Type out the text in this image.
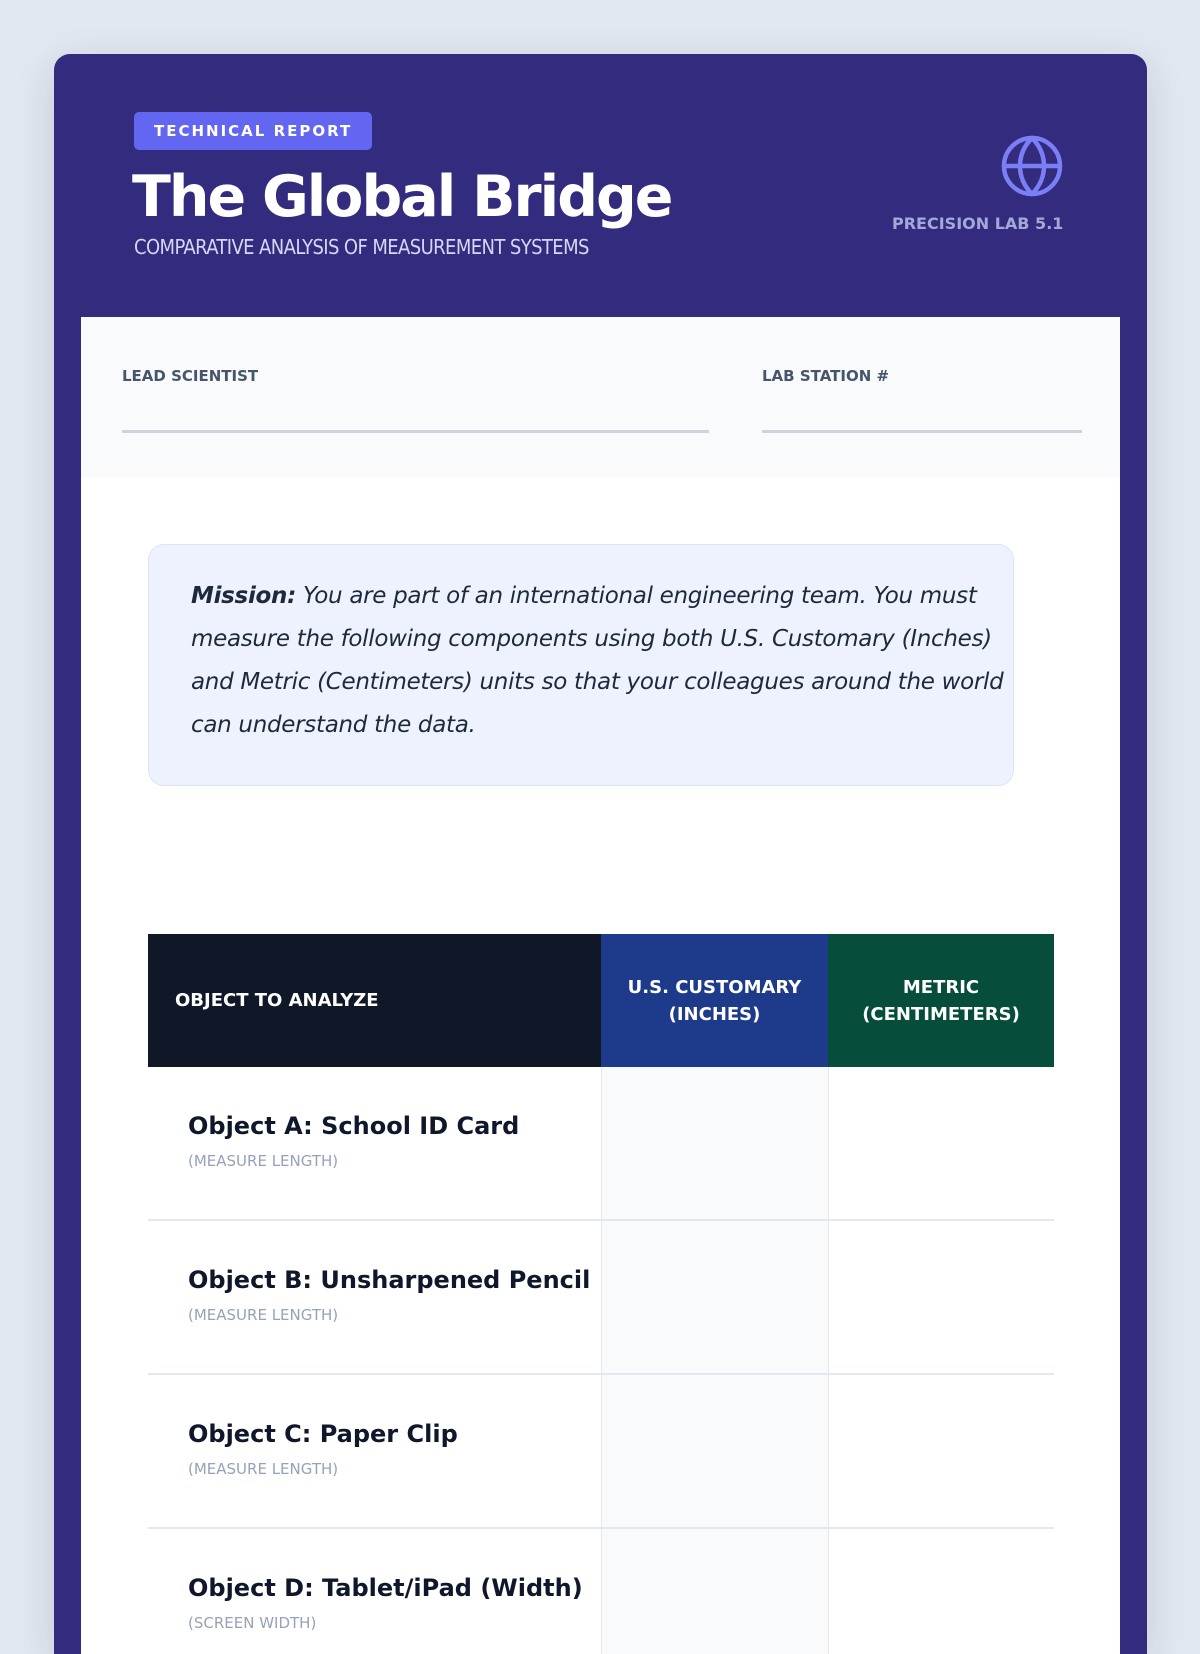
TECHNICAL REPORT
The Global Bridge
COMPARATIVE ANALYSIS OF MEASUREMENT SYSTEMS
PRECISION LAB 5.1
LEAD SCIENTIST	LAB STATION #
Mission: You are part of an international engineering team. You must measure the following components using both U.S. Customary (Inches) and Metric (Centimeters) units so that your colleagues around the world can understand the data.
OBJECT TO ANALYZE	U.S. CUSTOMARY (INCHES)	METRIC (CENTIMETERS)

Object A: School ID Card
(MEASURE LENGTH)		

Object B: Unsharpened Pencil
(MEASURE LENGTH)		

Object C: Paper Clip
(MEASURE LENGTH)		

Object D: Tablet/iPad (Width)
(SCREEN WIDTH)		
